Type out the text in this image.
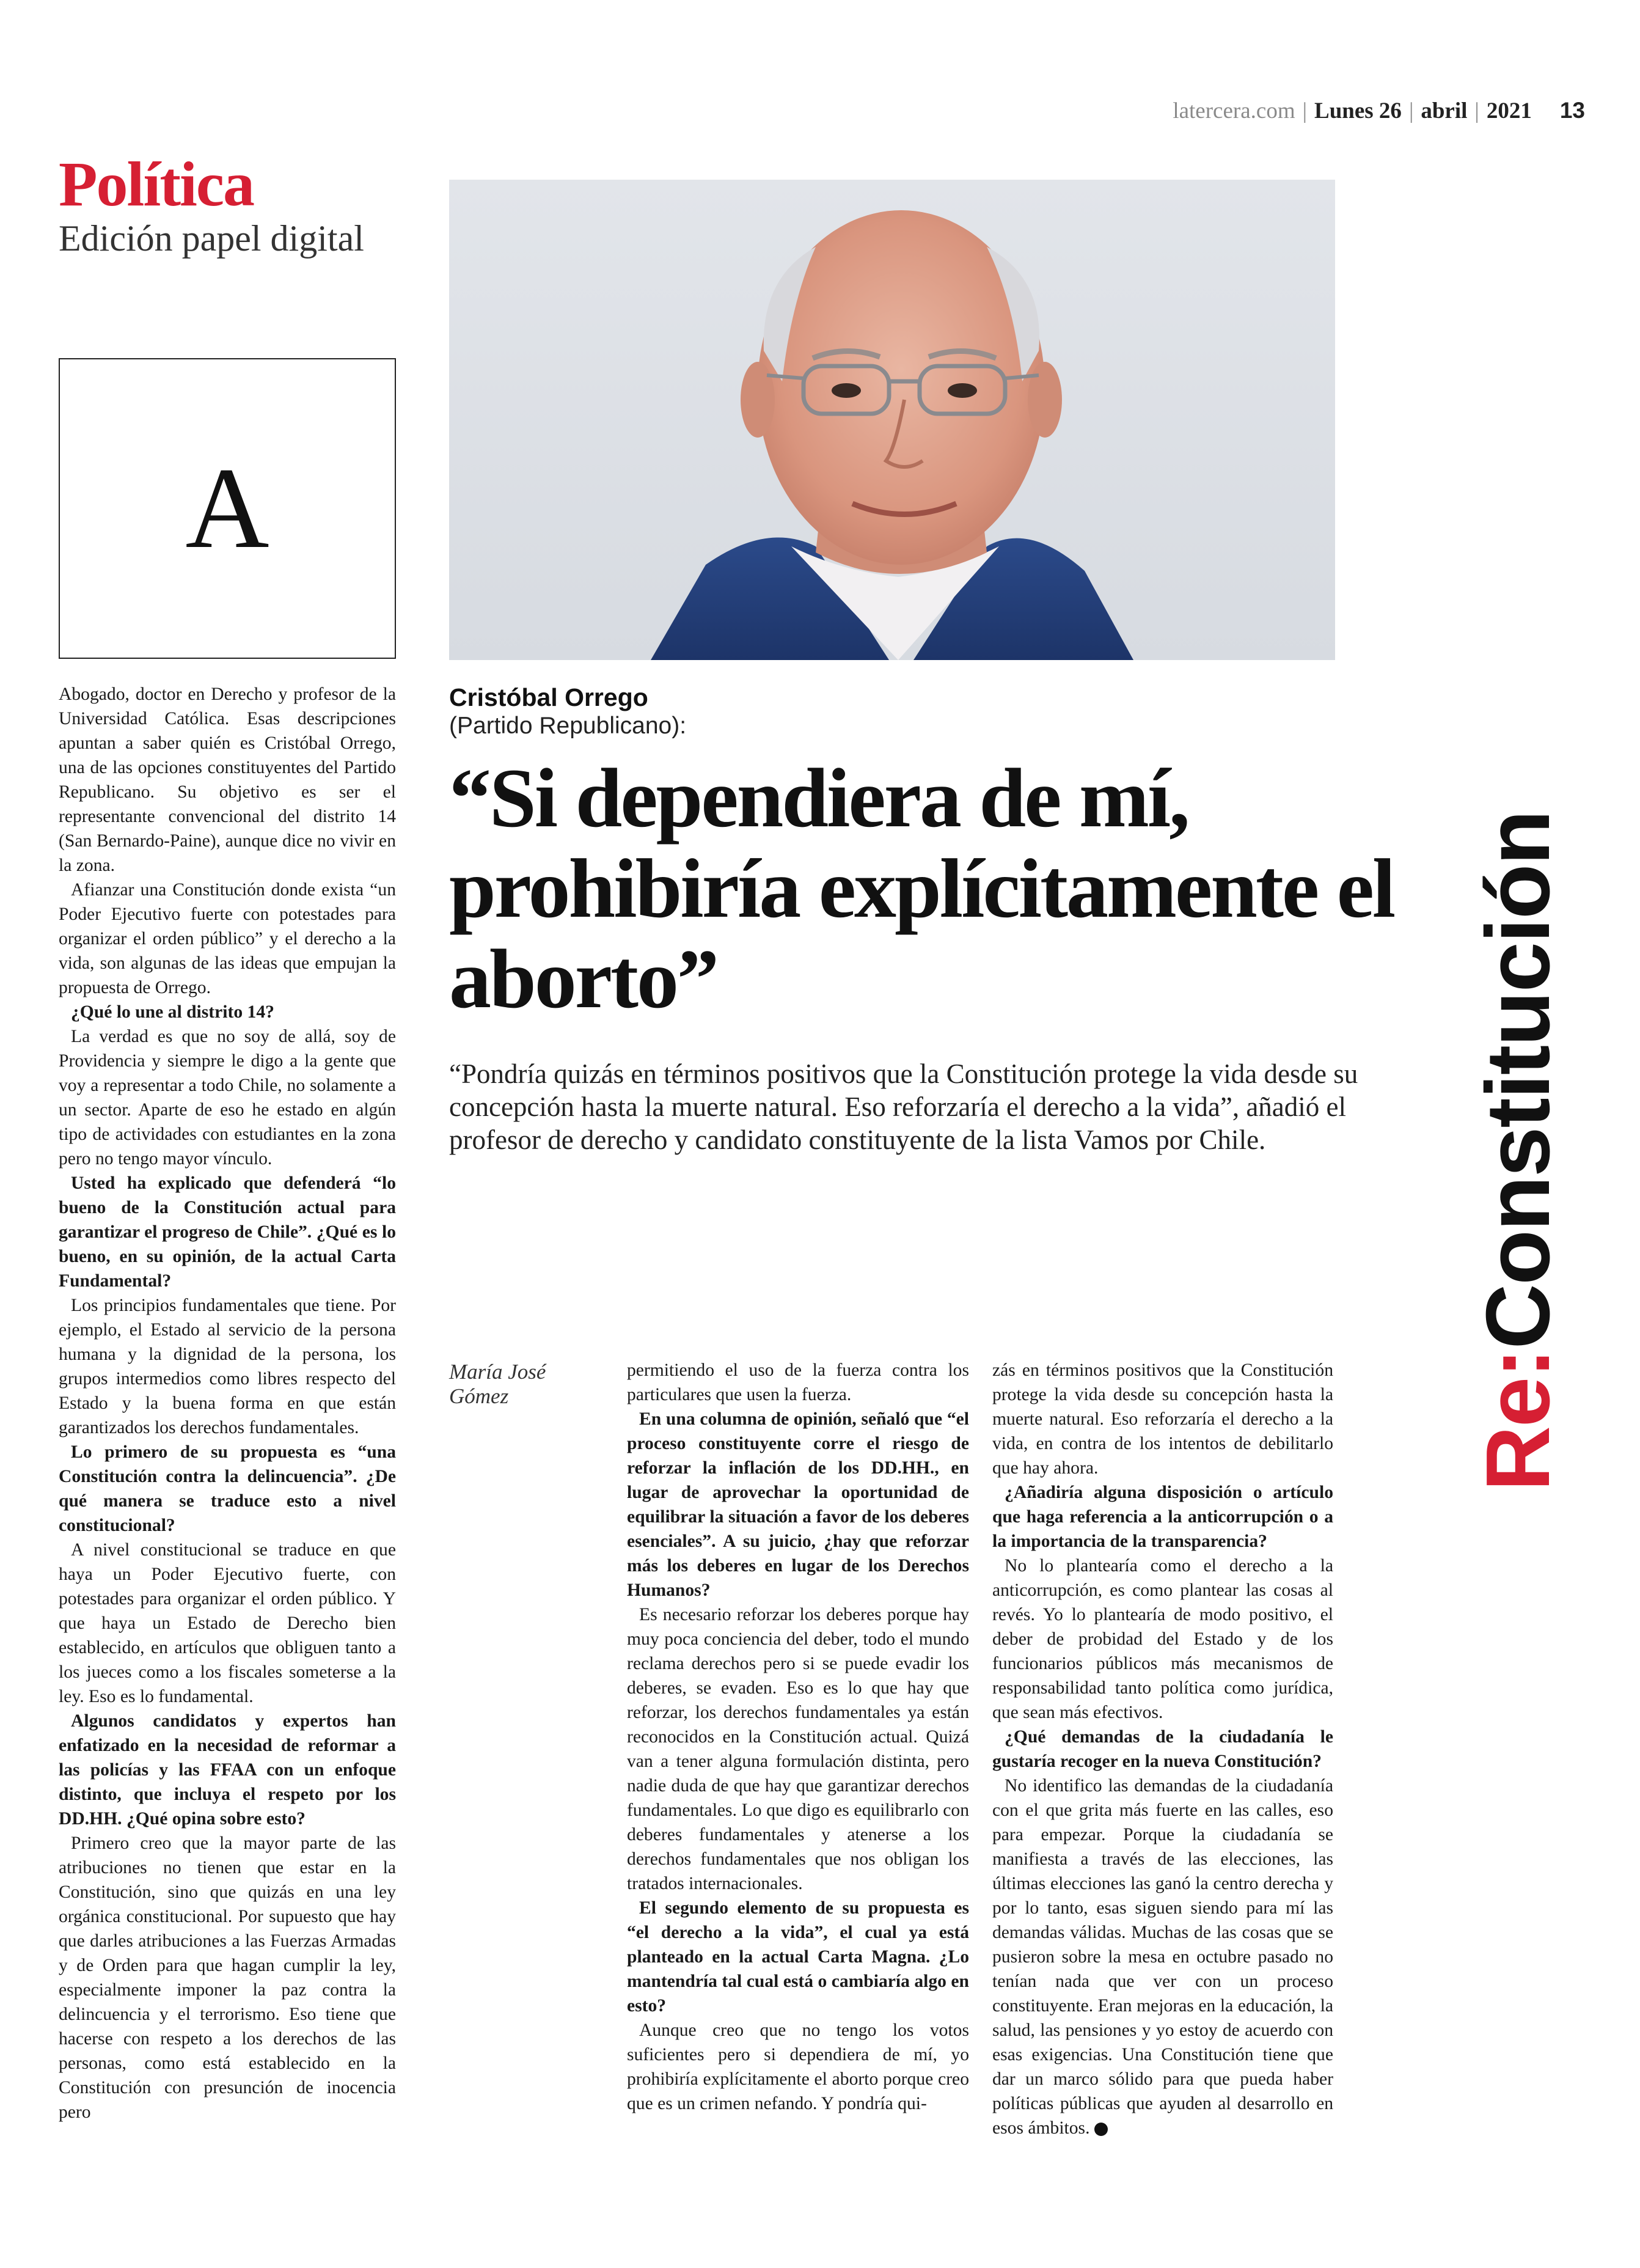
latercera.com | Lunes 26 | abril | 2021 13
Política
Edición papel digital
A
Cristóbal Orrego
(Partido Republicano):
“Si dependiera de mí, prohibiría explícitamente el aborto”
“Pondría quizás en términos positivos que la Constitución protege la vida desde su concepción hasta la muerte natural. Eso reforzaría el derecho a la vida”, añadió el profesor de derecho y candidato constituyente de la lista Vamos por Chile.
Re:Constitución
María José Gómez

Abogado, doctor en Derecho y profesor de la Universidad Católica. Esas descripciones apuntan a saber quién es Cristóbal Orrego, una de las opciones constituyentes del Partido Republicano. Su objetivo es ser el representante convencional del distrito 14 (San Bernardo-Paine), aunque dice no vivir en la zona.

Afianzar una Constitución donde exista “un Poder Ejecutivo fuerte con potestades para organizar el orden público” y el derecho a la vida, son algunas de las ideas que empujan la propuesta de Orrego.

¿Qué lo une al distrito 14?

La verdad es que no soy de allá, soy de Providencia y siempre le digo a la gente que voy a representar a todo Chile, no solamente a un sector. Aparte de eso he estado en algún tipo de actividades con estudiantes en la zona pero no tengo mayor vínculo.

Usted ha explicado que defenderá “lo bueno de la Constitución actual para garantizar el progreso de Chile”. ¿Qué es lo bueno, en su opinión, de la actual Carta Fundamental?

Los principios fundamentales que tiene. Por ejemplo, el Estado al servicio de la persona humana y la dignidad de la persona, los grupos intermedios como libres respecto del Estado y la buena forma en que están garantizados los derechos fundamentales.

Lo primero de su propuesta es “una Constitución contra la delincuencia”. ¿De qué manera se traduce esto a nivel constitucional?

A nivel constitucional se traduce en que haya un Poder Ejecutivo fuerte, con potestades para organizar el orden público. Y que haya un Estado de Derecho bien establecido, en artículos que obliguen tanto a los jueces como a los fiscales someterse a la ley. Eso es lo fundamental.

Algunos candidatos y expertos han enfatizado en la necesidad de reformar a las policías y las FFAA con un enfoque distinto, que incluya el respeto por los DD.HH. ¿Qué opina sobre esto?

Primero creo que la mayor parte de las atribuciones no tienen que estar en la Constitución, sino que quizás en una ley orgánica constitucional. Por supuesto que hay que darles atribuciones a las Fuerzas Armadas y de Orden para que hagan cumplir la ley, especialmente imponer la paz contra la delincuencia y el terrorismo. Eso tiene que hacerse con respeto a los derechos de las personas, como está establecido en la Constitución con presunción de inocencia pero

permitiendo el uso de la fuerza contra los particulares que usen la fuerza.

En una columna de opinión, señaló que “el proceso constituyente corre el riesgo de reforzar la inflación de los DD.HH., en lugar de aprovechar la oportunidad de equilibrar la situación a favor de los deberes esenciales”. A su juicio, ¿hay que reforzar más los deberes en lugar de los Derechos Humanos?

Es necesario reforzar los deberes porque hay muy poca conciencia del deber, todo el mundo reclama derechos pero si se puede evadir los deberes, se evaden. Eso es lo que hay que reforzar, los derechos fundamentales ya están reconocidos en la Constitución actual. Quizá van a tener alguna formulación distinta, pero nadie duda de que hay que garantizar derechos fundamentales. Lo que digo es equilibrarlo con deberes fundamentales y atenerse a los derechos fundamentales que nos obligan los tratados internacionales.

El segundo elemento de su propuesta es “el derecho a la vida”, el cual ya está planteado en la actual Carta Magna. ¿Lo mantendría tal cual está o cambiaría algo en esto?

Aunque creo que no tengo los votos suficientes pero si dependiera de mí, yo prohibiría explícitamente el aborto porque creo que es un crimen nefando. Y pondría qui-

zás en términos positivos que la Constitución protege la vida desde su concepción hasta la muerte natural. Eso reforzaría el derecho a la vida, en contra de los intentos de debilitarlo que hay ahora.

¿Añadiría alguna disposición o artículo que haga referencia a la anticorrupción o a la importancia de la transparencia?

No lo plantearía como el derecho a la anticorrupción, es como plantear las cosas al revés. Yo lo plantearía de modo positivo, el deber de probidad del Estado y de los funcionarios públicos más mecanismos de responsabilidad tanto política como jurídica, que sean más efectivos.

¿Qué demandas de la ciudadanía le gustaría recoger en la nueva Constitución?

No identifico las demandas de la ciudadanía con el que grita más fuerte en las calles, eso para empezar. Porque la ciudadanía se manifiesta a través de las elecciones, las últimas elecciones las ganó la centro derecha y por lo tanto, esas siguen siendo para mí las demandas válidas. Muchas de las cosas que se pusieron sobre la mesa en octubre pasado no tenían nada que ver con un proceso constituyente. Eran mejoras en la educación, la salud, las pensiones y yo estoy de acuerdo con esas exigencias. Una Constitución tiene que dar un marco sólido para que pueda haber políticas públicas que ayuden al desarrollo en esos ámbitos.
